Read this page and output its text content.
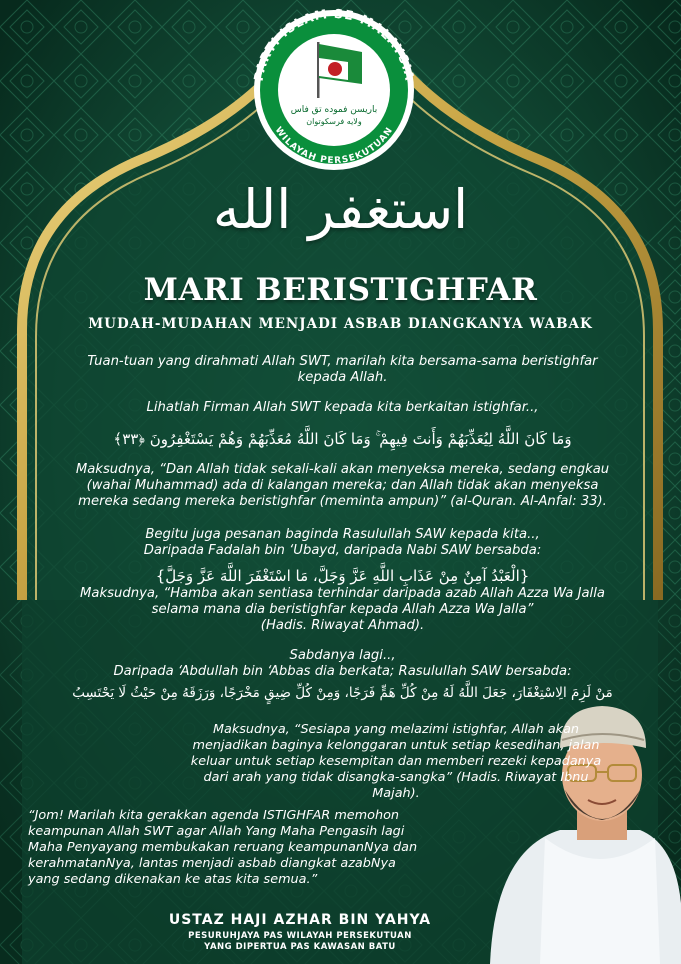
PARTI ISLAM SE-MALAYSIA
WILAYAH PERSEKUTUAN
باريسن فموده تق فاس
ولايه فرسكوتوان
استغفر الله
MARI BERISTIGHFAR
MUDAH-MUDAHAN MENJADI ASBAB DIANGKANYA WABAK
Tuan-tuan yang dirahmati Allah SWT, marilah kita bersama-sama beristighfar
kepada Allah.
Lihatlah Firman Allah SWT kepada kita berkaitan istighfar..,
وَمَا كَانَ اللَّهُ لِيُعَذِّبَهُمْ وَأَنتَ فِيهِمْ ۚ وَمَا كَانَ اللَّهُ مُعَذِّبَهُمْ وَهُمْ يَسْتَغْفِرُونَ ﴿٣٣﴾
Maksudnya, “Dan Allah tidak sekali-kali akan menyeksa mereka, sedang engkau
(wahai Muhammad) ada di kalangan mereka; dan Allah tidak akan menyeksa
mereka sedang mereka beristighfar (meminta ampun)” (al-Quran. Al-Anfal: 33).
Begitu juga pesanan baginda Rasulullah SAW kepada kita..,
Daripada Fadalah bin ‘Ubayd, daripada Nabi SAW bersabda:
{الْعَبْدُ آمِنٌ مِنْ عَذَابِ اللَّهِ عَزَّ وَجَلَّ، مَا اسْتَغْفَرَ اللَّهَ عَزَّ وَجَلَّ}
Maksudnya, “Hamba akan sentiasa terhindar daripada azab Allah Azza Wa Jalla
selama mana dia beristighfar kepada Allah Azza Wa Jalla”
(Hadis. Riwayat Ahmad).
Sabdanya lagi..,
Daripada ‘Abdullah bin ‘Abbas dia berkata; Rasulullah SAW bersabda:
مَنْ لَزِمَ الِاسْتِغْفَارَ، جَعَلَ اللَّهُ لَهُ مِنْ كُلِّ هَمٍّ فَرَجًا، وَمِنْ كُلِّ ضِيقٍ مَخْرَجًا، وَرَزَقَهُ مِنْ حَيْثُ لَا يَحْتَسِبُ
Maksudnya, “Sesiapa yang melazimi istighfar, Allah akan
menjadikan baginya kelonggaran untuk setiap kesedihan, jalan
keluar untuk setiap kesempitan dan memberi rezeki kepadanya
dari arah yang tidak disangka-sangka” (Hadis. Riwayat Ibnu Majah).
“Jom! Marilah kita gerakkan agenda ISTIGHFAR memohon
keampunan Allah SWT agar Allah Yang Maha Pengasih lagi
Maha Penyayang membukakan reruang keampunanNya dan
kerahmatanNya, lantas menjadi asbab diangkat azabNya
yang sedang dikenakan ke atas kita semua.”
USTAZ HAJI AZHAR BIN YAHYA
PESURUHJAYA PAS WILAYAH PERSEKUTUAN
YANG DIPERTUA PAS KAWASAN BATU
